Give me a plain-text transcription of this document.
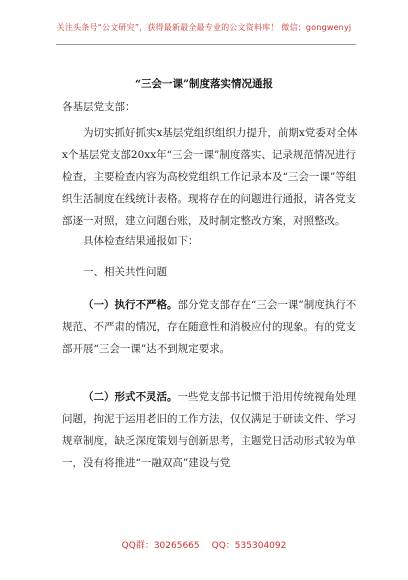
关注头条号“公文研究”，获得最新最全最专业的公文资料库！ 微信：gongwenyj
“三会一课”制度落实情况通报
各基层党支部：
为切实抓好抓实x基层党组织组织力提升，前期x党委对全体x个基层党支部20xx年“三会一课”制度落实、记录规范情况进行检查，主要检查内容为高校党组织工作记录本及“三会一课”等组织生活制度在线统计表格。现将存在的问题进行通报，请各党支部逐一对照，建立问题台账，及时制定整改方案，对照整改。
具体检查结果通报如下：
一、相关共性问题
（一）执行不严格。部分党支部存在“三会一课”制度执行不规范、不严肃的情况，存在随意性和消极应付的现象。有的党支部开展“三会一课”达不到规定要求。
（二）形式不灵活。一些党支部书记惯于沿用传统视角处理问题，拘泥于运用老旧的工作方法，仅仅满足于研读文件、学习规章制度，缺乏深度策划与创新思考，主题党日活动形式较为单一，没有将推进“一融双高”建设与党
QQ群：30265665 QQ：535304092
